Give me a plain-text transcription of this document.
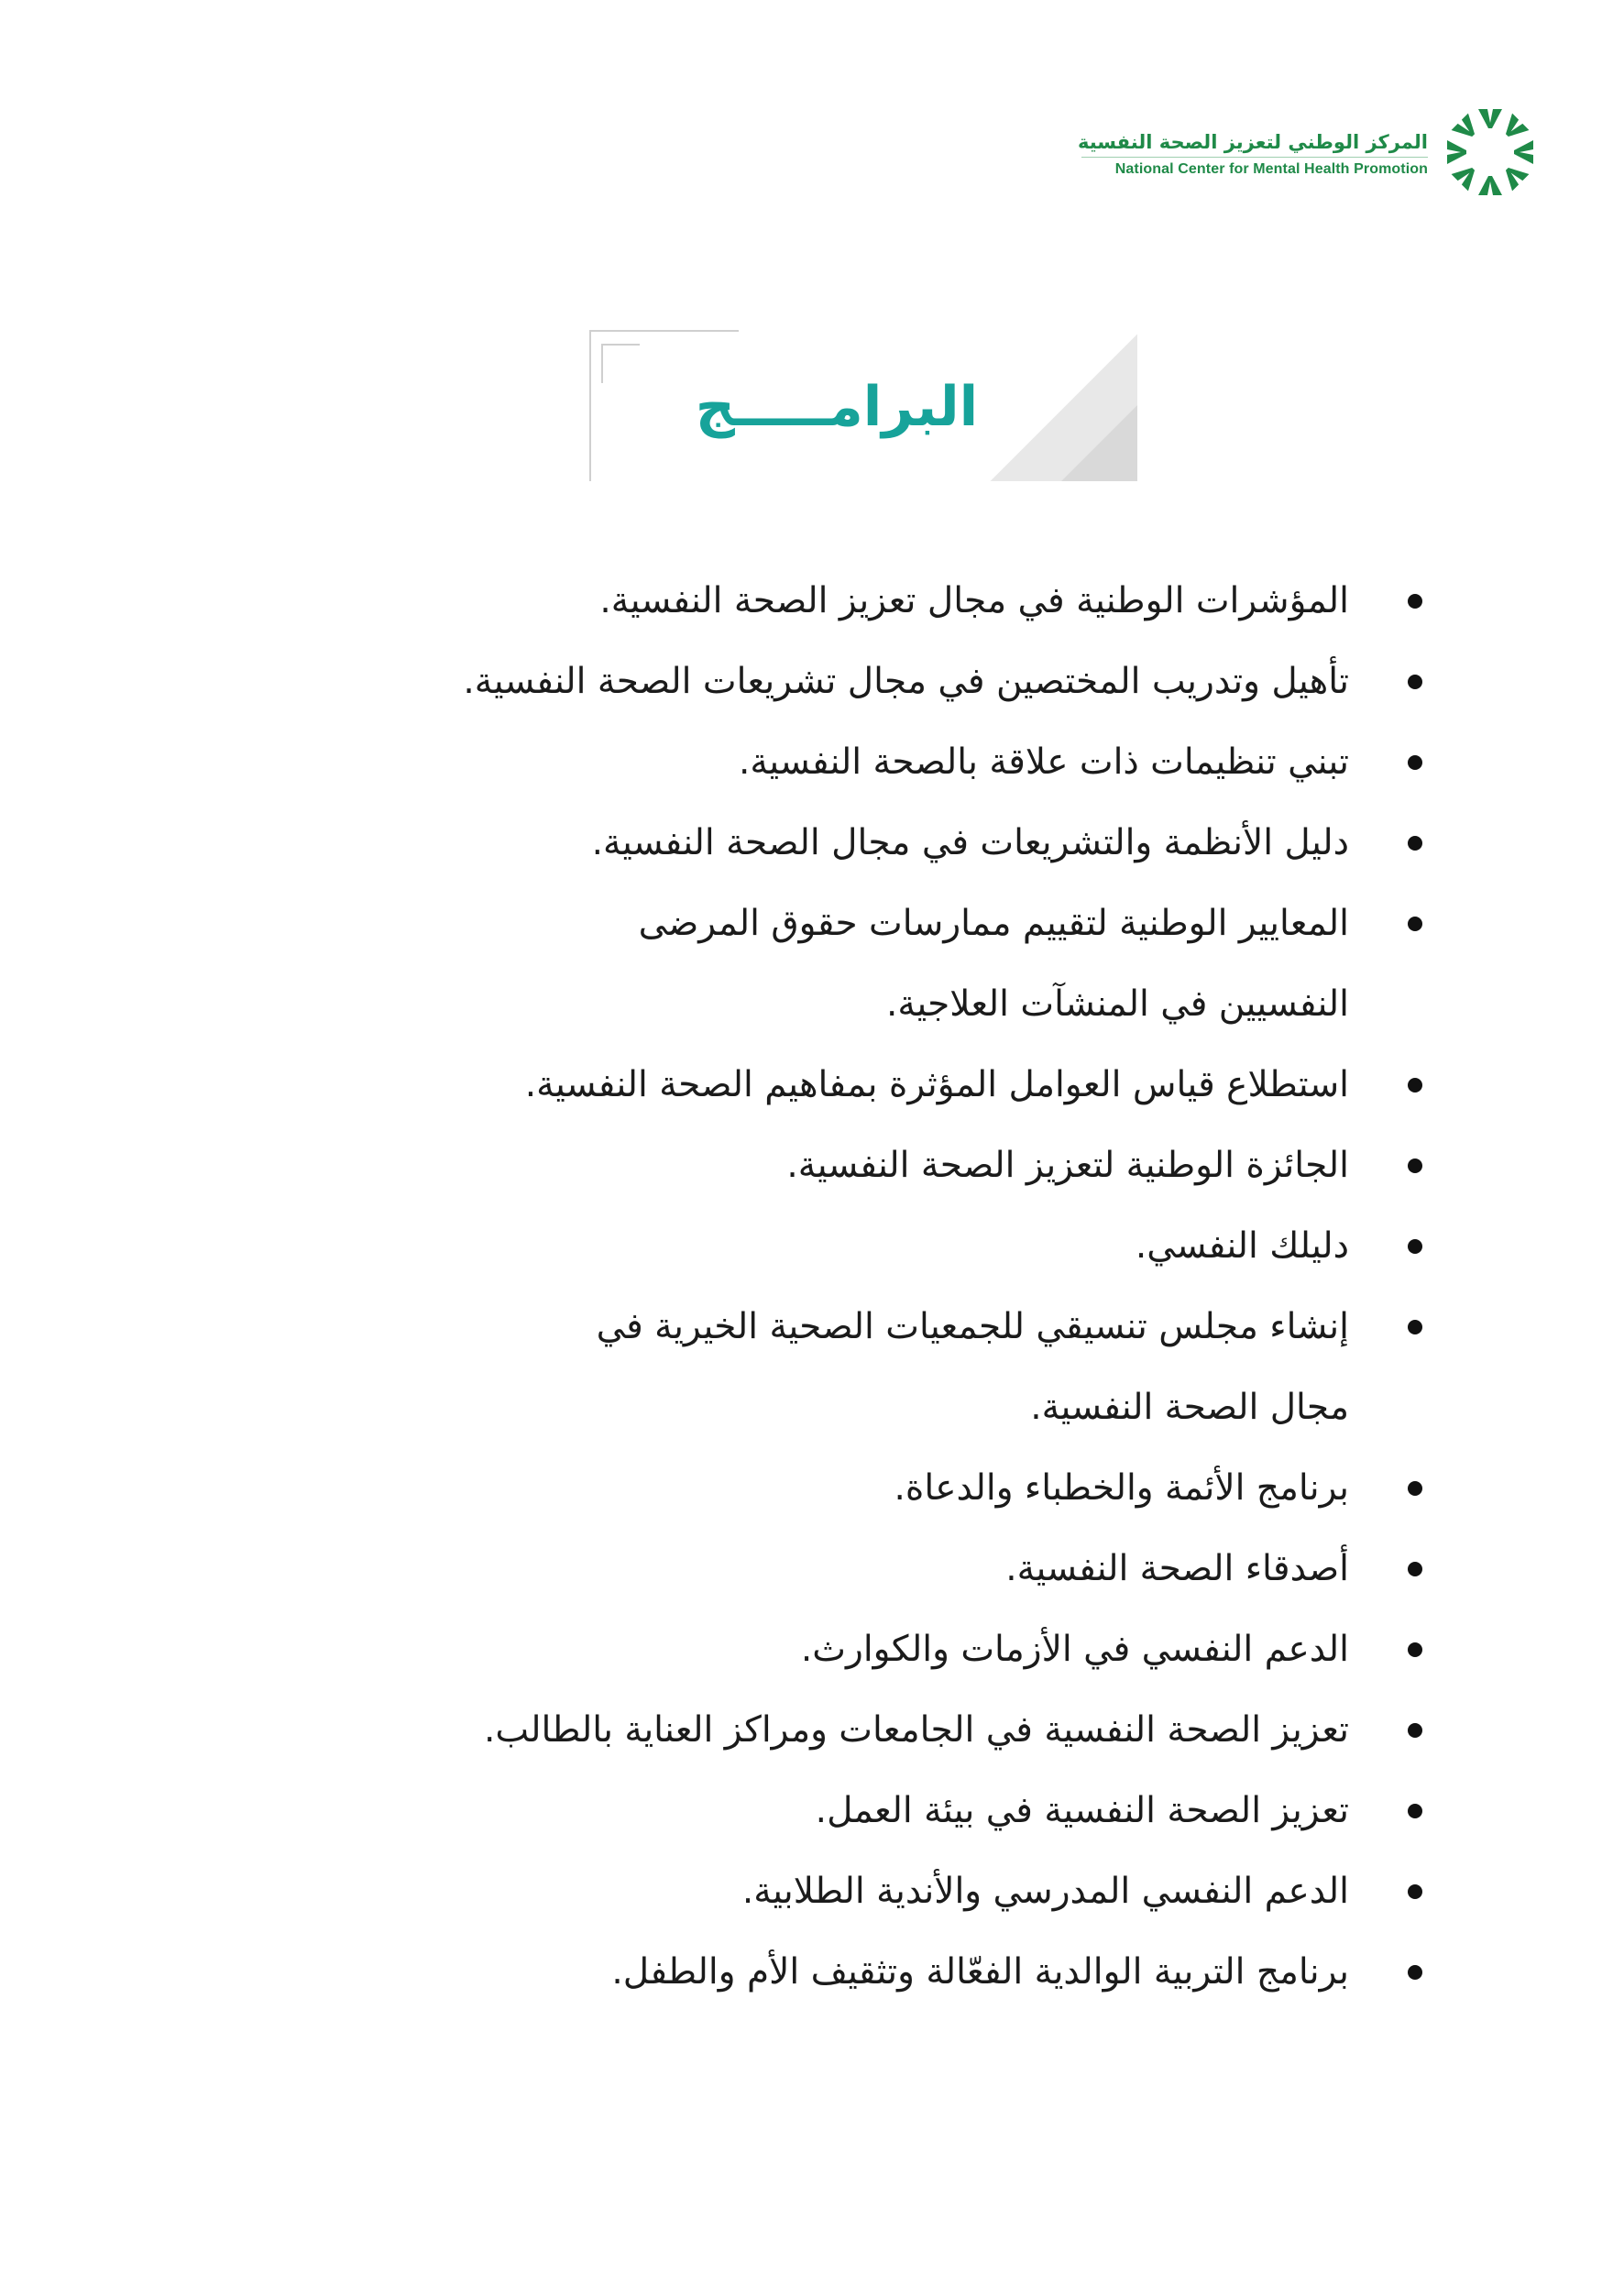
المركز الوطني لتعزيز الصحة النفسية
National Center for Mental Health Promotion
البرامـــــج
المؤشرات الوطنية في مجال تعزيز الصحة النفسية.
تأهيل وتدريب المختصين في مجال تشريعات الصحة النفسية.
تبني تنظيمات ذات علاقة بالصحة النفسية.
دليل الأنظمة والتشريعات في مجال الصحة النفسية.
المعايير الوطنية لتقييم ممارسات حقوق المرضى النفسيين في المنشآت العلاجية.
استطلاع قياس العوامل المؤثرة بمفاهيم الصحة النفسية.
الجائزة الوطنية لتعزيز الصحة النفسية.
دليلك النفسي.
إنشاء مجلس تنسيقي للجمعيات الصحية الخيرية في مجال الصحة النفسية.
برنامج الأئمة والخطباء والدعاة.
أصدقاء الصحة النفسية.
الدعم النفسي في الأزمات والكوارث.
تعزيز الصحة النفسية في الجامعات ومراكز العناية بالطالب.
تعزيز الصحة النفسية في بيئة العمل.
الدعم النفسي المدرسي والأندية الطلابية.
برنامج التربية الوالدية الفعّالة وتثقيف الأم والطفل.
